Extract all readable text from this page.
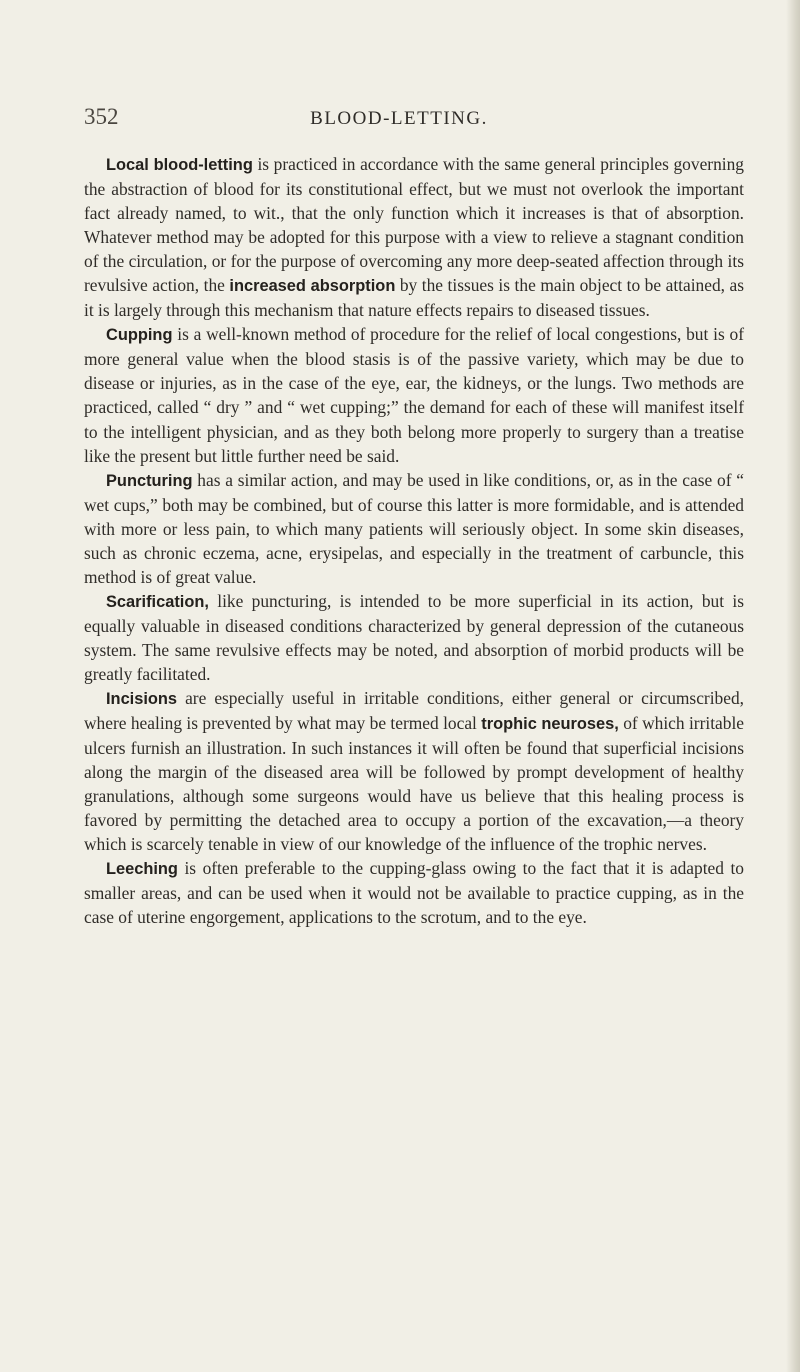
352	BLOOD-LETTING.

Local blood-letting is practiced in accordance with the same general principles governing the abstraction of blood for its constitutional effect, but we must not overlook the important fact already named, to wit., that the only function which it increases is that of absorption. Whatever method may be adopted for this purpose with a view to relieve a stagnant condition of the circulation, or for the purpose of overcoming any more deep-seated affection through its revulsive action, the increased absorption by the tissues is the main object to be attained, as it is largely through this mechanism that nature effects repairs to diseased tissues.

Cupping is a well-known method of procedure for the relief of local congestions, but is of more general value when the blood stasis is of the passive variety, which may be due to disease or injuries, as in the case of the eye, ear, the kidneys, or the lungs. Two methods are practiced, called “ dry ” and “ wet cupping;” the demand for each of these will manifest itself to the intelligent physician, and as they both belong more properly to surgery than a treatise like the present but little further need be said.

Puncturing has a similar action, and may be used in like conditions, or, as in the case of “ wet cups,” both may be combined, but of course this latter is more formidable, and is attended with more or less pain, to which many patients will seriously object. In some skin diseases, such as chronic eczema, acne, erysipelas, and especially in the treatment of carbuncle, this method is of great value.

Scarification, like puncturing, is intended to be more superficial in its action, but is equally valuable in diseased conditions characterized by general depression of the cutaneous system. The same revulsive effects may be noted, and absorption of morbid products will be greatly facilitated.

Incisions are especially useful in irritable conditions, either general or circumscribed, where healing is prevented by what may be termed local trophic neuroses, of which irritable ulcers furnish an illustration. In such instances it will often be found that superficial incisions along the margin of the diseased area will be followed by prompt development of healthy granulations, although some surgeons would have us believe that this healing process is favored by permitting the detached area to occupy a portion of the excavation,—a theory which is scarcely tenable in view of our knowledge of the influence of the trophic nerves.

Leeching is often preferable to the cupping-glass owing to the fact that it is adapted to smaller areas, and can be used when it would not be available to practice cupping, as in the case of uterine engorgement, applications to the scrotum, and to the eye.
